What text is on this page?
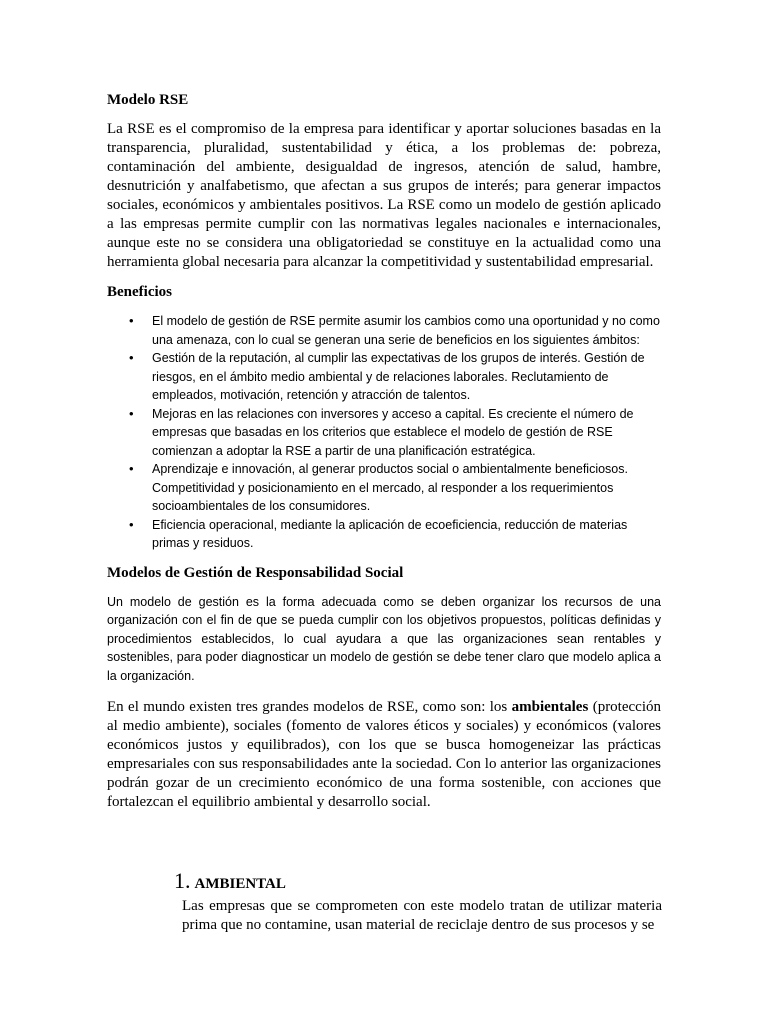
Modelo RSE

La RSE es el compromiso de la empresa para identificar y aportar soluciones basadas en la transparencia, pluralidad, sustentabilidad y ética, a los problemas de: pobreza, contaminación del ambiente, desigualdad de ingresos, atención de salud, hambre, desnutrición y analfabetismo, que afectan a sus grupos de interés; para generar impactos sociales, económicos y ambientales positivos. La RSE como un modelo de gestión aplicado a las empresas permite cumplir con las normativas legales nacionales e internacionales, aunque este no se considera una obligatoriedad se constituye en la actualidad como una herramienta global necesaria para alcanzar la competitividad y sustentabilidad empresarial.

Beneficios
• El modelo de gestión de RSE permite asumir los cambios como una oportunidad y no como una amenaza, con lo cual se generan una serie de beneficios en los siguientes ámbitos:
• Gestión de la reputación, al cumplir las expectativas de los grupos de interés. Gestión de riesgos, en el ámbito medio ambiental y de relaciones laborales. Reclutamiento de empleados, motivación, retención y atracción de talentos.
• Mejoras en las relaciones con inversores y acceso a capital. Es creciente el número de empresas que basadas en los criterios que establece el modelo de gestión de RSE comienzan a adoptar la RSE a partir de una planificación estratégica.
• Aprendizaje e innovación, al generar productos social o ambientalmente beneficiosos. Competitividad y posicionamiento en el mercado, al responder a los requerimientos socioambientales de los consumidores.
• Eficiencia operacional, mediante la aplicación de ecoeficiencia, reducción de materias primas y residuos.
Modelos de Gestión de Responsabilidad Social

Un modelo de gestión es la forma adecuada como se deben organizar los recursos de una organización con el fin de que se pueda cumplir con los objetivos propuestos, políticas definidas y procedimientos establecidos, lo cual ayudara a que las organizaciones sean rentables y sostenibles, para poder diagnosticar un modelo de gestión se debe tener claro que modelo aplica a la organización.

En el mundo existen tres grandes modelos de RSE, como son: los ambientales (protección al medio ambiente), sociales (fomento de valores éticos y sociales) y económicos (valores económicos justos y equilibrados), con los que se busca homogeneizar las prácticas empresariales con sus responsabilidades ante la sociedad. Con lo anterior las organizaciones podrán gozar de un crecimiento económico de una forma sostenible, con acciones que fortalezcan el equilibrio ambiental y desarrollo social.

1. AMBIENTAL

Las empresas que se comprometen con este modelo tratan de utilizar materia prima que no contamine, usan material de reciclaje dentro de sus procesos y se
